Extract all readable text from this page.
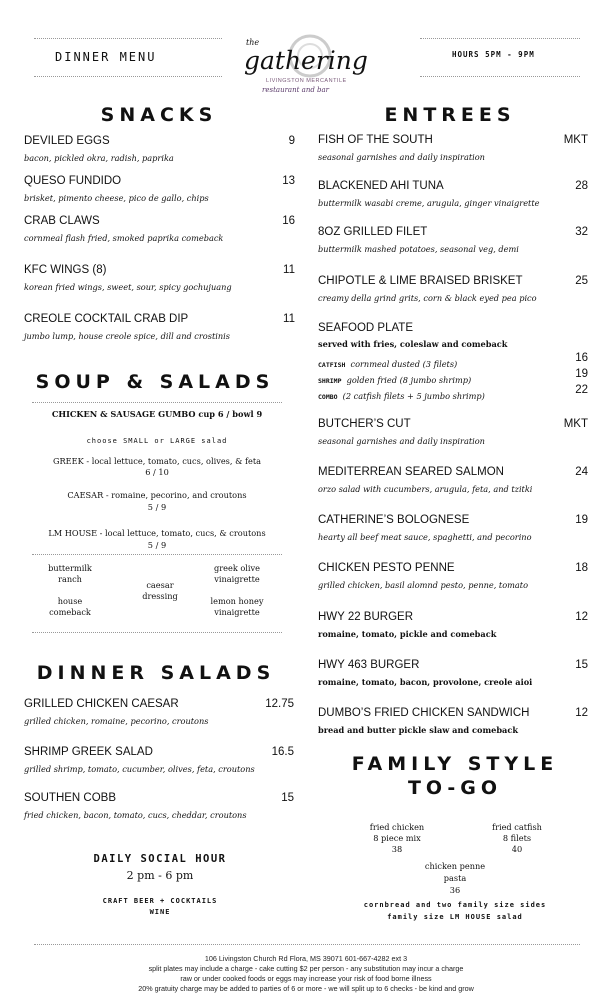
DINNER MENU	HOURS 5PM - 9PM
the
gathering
LIVINGSTON MERCANTILE
restaurant and bar
SNACKS
DEVILED EGGS	9
bacon, pickled okra, radish, paprika
QUESO FUNDIDO	13
brisket, pimento cheese, pico de gallo, chips
CRAB CLAWS	16
cornmeal flash fried, smoked paprika comeback
KFC WINGS (8)	11
korean fried wings, sweet, sour, spicy gochujuang
CREOLE COCKTAIL CRAB DIP	11
jumbo lump, house creole spice, dill and crostinis
SOUP & SALADS
CHICKEN & SAUSAGE GUMBO cup 6 / bowl 9
choose SMALL or LARGE salad
GREEK - local lettuce, tomato, cucs, olives, & feta
6 / 10
CAESAR - romaine, pecorino, and croutons
5 / 9
LM HOUSE - local lettuce, tomato, cucs, & croutons
5 / 9
buttermilk
ranch
house
comeback
caesar
dressing
greek olive
vinaigrette
lemon honey
vinaigrette
DINNER SALADS
GRILLED CHICKEN CAESAR	12.75
grilled chicken, romaine, pecorino, croutons
SHRIMP GREEK SALAD	16.5
grilled shrimp, tomato, cucumber, olives, feta, croutons
SOUTHEN COBB	15
fried chicken, bacon, tomato, cucs, cheddar, croutons
DAILY SOCIAL HOUR
2 pm - 6 pm
CRAFT BEER + COCKTAILS
WINE
ENTREES
FISH OF THE SOUTH	MKT
seasonal garnishes and daily inspiration
BLACKENED AHI TUNA	28
buttermilk wasabi creme, arugula, ginger vinaigrette
8OZ GRILLED FILET	32
buttermilk mashed potatoes, seasonal veg, demi
CHIPOTLE & LIME BRAISED BRISKET	25
creamy della grind grits, corn & black eyed pea pico
SEAFOOD PLATE
served with fries, coleslaw and comeback
CATFISH cornmeal dusted (3 filets)	16
SHRIMP golden fried (8 jumbo shrimp)	19
COMBO (2 catfish filets + 5 jumbo shrimp)	22
BUTCHER’S CUT	MKT
seasonal garnishes and daily inspiration
MEDITERREAN SEARED SALMON	24
orzo salad with cucumbers, arugula, feta, and tzitki
CATHERINE’S BOLOGNESE	19
hearty all beef meat sauce, spaghetti, and pecorino
CHICKEN PESTO PENNE	18
grilled chicken, basil alomnd pesto, penne, tomato
HWY 22 BURGER	12
romaine, tomato, pickle and comeback
HWY 463 BURGER	15
romaine, tomato, bacon, provolone, creole aioi
DUMBO’S FRIED CHICKEN SANDWICH	12
bread and butter pickle slaw and comeback
FAMILY STYLE
TO-GO
fried chicken
8 piece mix
38
fried catfish
8 filets
40
chicken penne
pasta
36
cornbread and two family size sides
family size LM HOUSE salad
106 Livingston Church Rd Flora, MS 39071 601-667-4282 ext 3
split plates may include a charge - cake cutting $2 per person - any substitution may incur a charge
raw or under cooked foods or eggs may increase your risk of food borne illness
20% gratuity charge may be added to parties of 6 or more - we will split up to 6 checks - be kind and grow
